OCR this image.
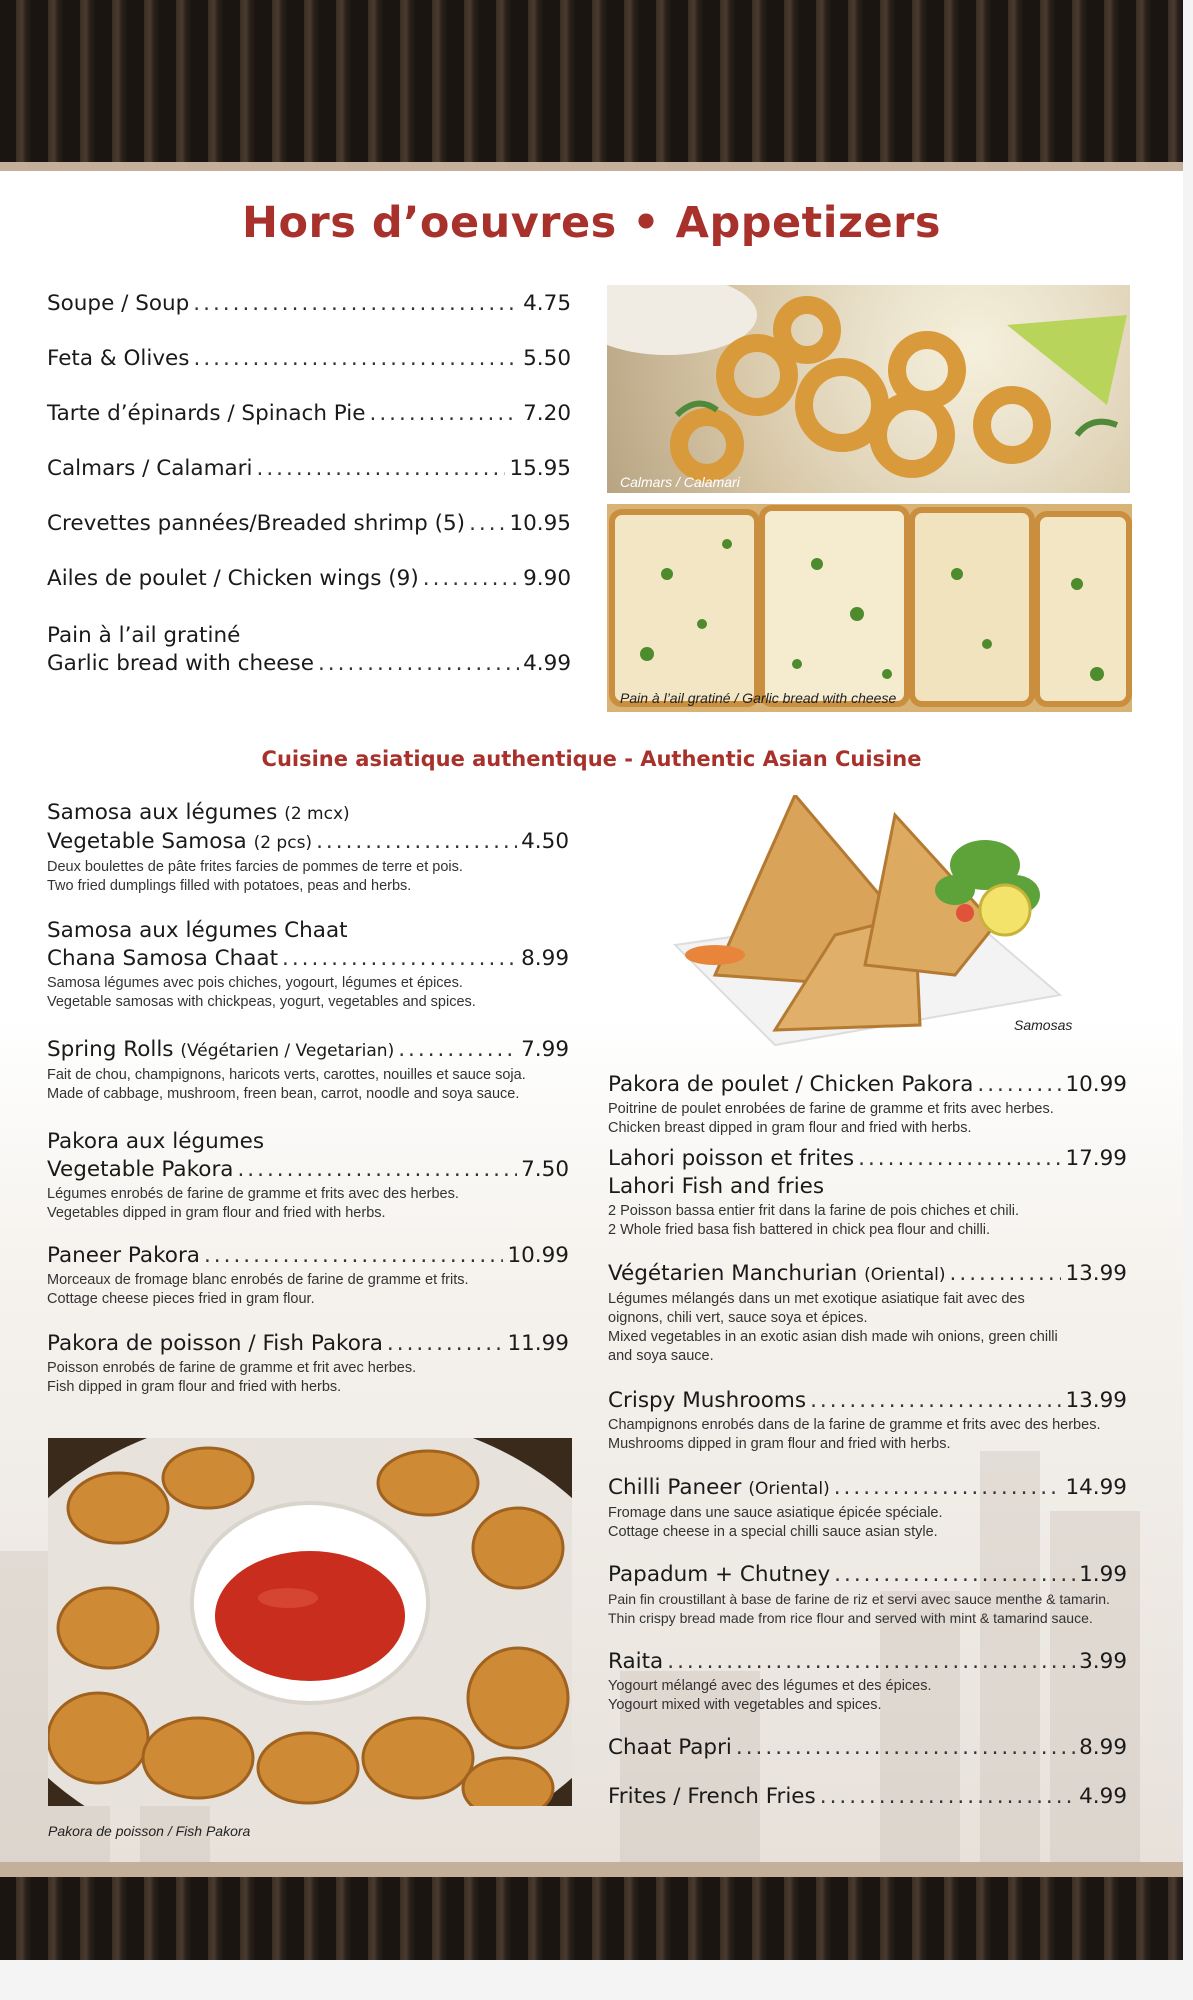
Hors d’oeuvres • Appetizers
Soupe / Soup .....	4.75
Feta & Olives .....	5.50
Tarte d’épinards / Spinach Pie .....	7.20
Calmars / Calamari .....	15.95
Crevettes pannées/Breaded shrimp (5) ..... 10.95
Ailes de poulet / Chicken wings (9) .....	9.90
Pain à l’ail gratiné
Garlic bread with cheese .....	4.99
Calmars / Calamari
Pain à l’ail gratiné / Garlic bread with cheese
Cuisine asiatique authentique - Authentic Asian Cuisine
Samosa aux légumes (2 mcx)
Vegetable Samosa (2 pcs) .....	4.50
Deux boulettes de pâte frites farcies de pommes de terre et pois.
Two fried dumplings filled with potatoes, peas and herbs.
Samosa aux légumes Chaat
Chana Samosa Chaat .....	8.99
Samosa légumes avec pois chiches, yogourt, légumes et épices.
Vegetable samosas with chickpeas, yogurt, vegetables and spices.
Spring Rolls (Végétarien / Vegetarian) .....	7.99
Fait de chou, champignons, haricots verts, carottes, nouilles et sauce soja.
Made of cabbage, mushroom, freen bean, carrot, noodle and soya sauce.
Pakora aux légumes
Vegetable Pakora .....	7.50
Légumes enrobés de farine de gramme et frits avec des herbes.
Vegetables dipped in gram flour and fried with herbs.
Paneer Pakora .....	10.99
Morceaux de fromage blanc enrobés de farine de gramme et frits.
Cottage cheese pieces fried in gram flour.
Pakora de poisson / Fish Pakora .....	11.99
Poisson enrobés de farine de gramme et frit avec herbes.
Fish dipped in gram flour and fried with herbs.
Samosas
Pakora de poulet / Chicken Pakora .....	10.99
Poitrine de poulet enrobées de farine de gramme et frits avec herbes.
Chicken breast dipped in gram flour and fried with herbs.
Lahori poisson et frites .....	17.99
Lahori Fish and fries
2 Poisson bassa entier frit dans la farine de pois chiches et chili.
2 Whole fried basa fish battered in chick pea flour and chilli.
Végétarien Manchurian (Oriental) .....	13.99
Légumes mélangés dans un met exotique asiatique fait avec des
oignons, chili vert, sauce soya et épices.
Mixed vegetables in an exotic asian dish made wih onions, green chilli
and soya sauce.
Crispy Mushrooms .....	13.99
Champignons enrobés dans de la farine de gramme et frits avec des herbes.
Mushrooms dipped in gram flour and fried with herbs.
Chilli Paneer (Oriental) .....	14.99
Fromage dans une sauce asiatique épicée spéciale.
Cottage cheese in a special chilli sauce asian style.
Papadum + Chutney .....	1.99
Pain fin croustillant à base de farine de riz et servi avec sauce menthe & tamarin.
Thin crispy bread made from rice flour and served with mint & tamarind sauce.
Raita .....	3.99
Yogourt mélangé avec des légumes et des épices.
Yogourt mixed with vegetables and spices.
Chaat Papri .....	8.99
Frites / French Fries .....	4.99
Pakora de poisson / Fish Pakora
